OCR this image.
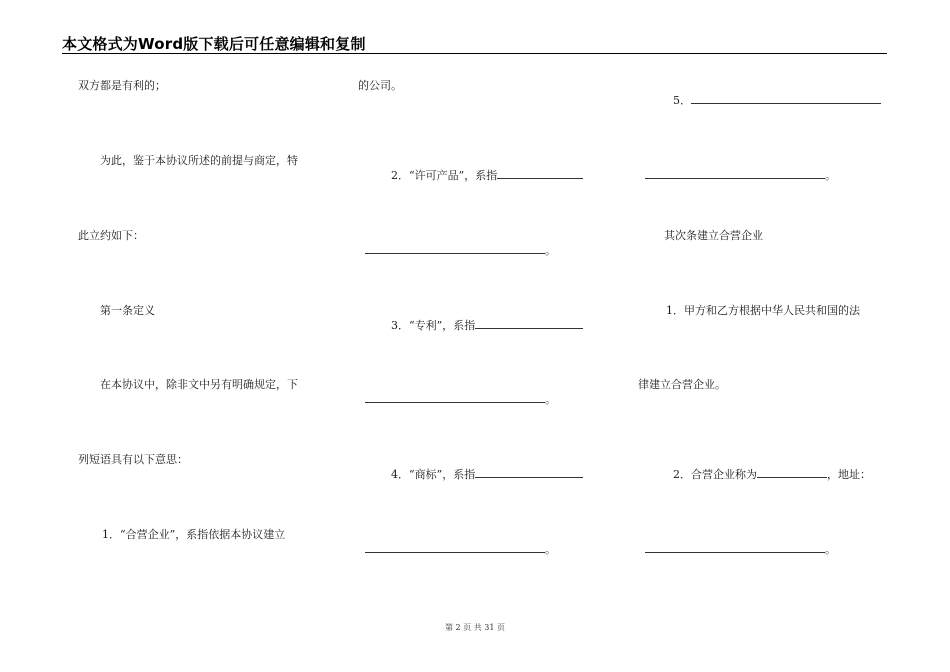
本文格式为Word版下载后可任意编辑和复制
双方都是有利的；
为此，鉴于本协议所述的前提与商定，特
此立约如下：
第一条定义
在本协议中，除非文中另有明确规定，下
列短语具有以下意思：
1．“合营企业”，系指依据本协议建立
的公司。

2．“许可产品”，系指

。

3．“专利”，系指

。

4．“商标”，系指

。

5．

。

其次条建立合营企业
1．甲方和乙方根据中华人民共和国的法
律建立合营企业。

2．合营企业称为	，地址：

。

第 2 页 共 31 页
